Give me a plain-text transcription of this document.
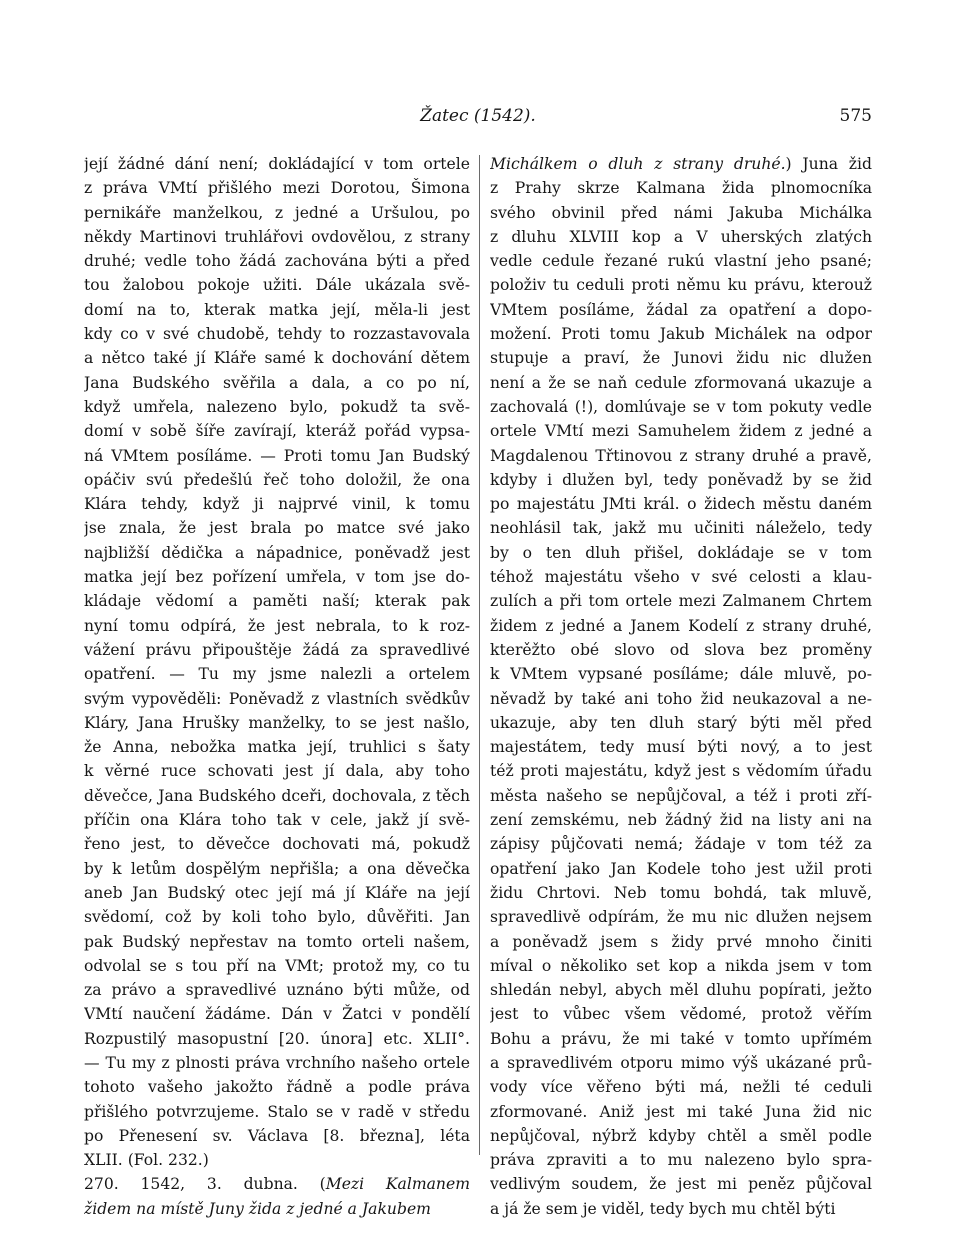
Žatec (1542).	575
její žádné dání není; dokládající v tom ortele
z práva VMtí přišlého mezi Dorotou, Šimona
pernikáře manželkou, z jedné a Uršulou, po
někdy Martinovi truhlářovi ovdovělou, z strany
druhé; vedle toho žádá zachována býti a před
tou žalobou pokoje užiti. Dále ukázala svě-
domí na to, kterak matka její, měla-li jest
kdy co v své chudobě, tehdy to rozzastavovala
a nětco také jí Kláře samé k dochování dětem
Jana Budského svěřila a dala, a co po ní,
když umřela, nalezeno bylo, pokudž ta svě-
domí v sobě šíře zavírají, kteráž pořád vypsa-
ná VMtem posíláme. — Proti tomu Jan Budský
opáčiv svú předešlú řeč toho doložil, že ona
Klára tehdy, když ji najprvé vinil, k tomu
jse znala, že jest brala po matce své jako
najbližší dědička a nápadnice, poněvadž jest
matka její bez pořízení umřela, v tom jse do-
kládaje vědomí a paměti naší; kterak pak
nyní tomu odpírá, že jest nebrala, to k roz-
vážení právu připouštěje žádá za spravedlivé
opatření. — Tu my jsme nalezli a ortelem
svým vypověděli: Poněvadž z vlastních svědkův
Kláry, Jana Hrušky manželky, to se jest našlo,
že Anna, nebožka matka její, truhlici s šaty
k věrné ruce schovati jest jí dala, aby toho
děvečce, Jana Budského dceři, dochovala, z těch
příčin ona Klára toho tak v cele, jakž jí svě-
řeno jest, to děvečce dochovati má, pokudž
by k letům dospělým nepřišla; a ona děvečka
aneb Jan Budský otec její má jí Kláře na její
svědomí, což by koli toho bylo, důvěřiti. Jan
pak Budský nepřestav na tomto orteli našem,
odvolal se s tou pří na VMt; protož my, co tu
za právo a spravedlivé uznáno býti může, od
VMtí naučení žádáme. Dán v Žatci v pondělí
Rozpustilý masopustní [20. února] etc. XLII°.
— Tu my z plnosti práva vrchního našeho ortele
tohoto vašeho jakožto řádně a podle práva
přišlého potvrzujeme. Stalo se v radě v středu
po Přenesení sv. Václava [8. března], léta
XLII. (Fol. 232.)
270. 1542, 3. dubna. (Mezi Kalmanem
židem na místě Juny žida z jedné a Jakubem
Michálkem o dluh z strany druhé.) Juna žid
z Prahy skrze Kalmana žida plnomocníka
svého obvinil před námi Jakuba Michálka
z dluhu XLVIII kop a V uherských zlatých
vedle cedule řezané rukú vlastní jeho psané;
položiv tu ceduli proti němu ku právu, kterouž
VMtem posíláme, žádal za opatření a dopo-
možení. Proti tomu Jakub Michálek na odpor
stupuje a praví, že Junovi židu nic dlužen
není a že se naň cedule zformovaná ukazuje a
zachovalá (!), domlúvaje se v tom pokuty vedle
ortele VMtí mezi Samuhelem židem z jedné a
Magdalenou Třtinovou z strany druhé a pravě,
kdyby i dlužen byl, tedy poněvadž by se žid
po majestátu JMti král. o židech městu daném
neohlásil tak, jakž mu učiniti náleželo, tedy
by o ten dluh přišel, dokládaje se v tom
téhož majestátu všeho v své celosti a klau-
zulích a při tom ortele mezi Zalmanem Chrtem
židem z jedné a Janem Kodelí z strany druhé,
kterěžto obé slovo od slova bez proměny
k VMtem vypsané posíláme; dále mluvě, po-
něvadž by také ani toho žid neukazoval a ne-
ukazuje, aby ten dluh starý býti měl před
majestátem, tedy musí býti nový, a to jest
též proti majestátu, když jest s vědomím úřadu
města našeho se nepůjčoval, a též i proti zří-
zení zemskému, neb žádný žid na listy ani na
zápisy půjčovati nemá; žádaje v tom též za
opatření jako Jan Kodele toho jest užil proti
židu Chrtovi. Neb tomu bohdá, tak mluvě,
spravedlivě odpírám, že mu nic dlužen nejsem
a poněvadž jsem s židy prvé mnoho činiti
míval o několiko set kop a nikda jsem v tom
shledán nebyl, abych měl dluhu popírati, ježto
jest to vůbec všem vědomé, protož věřím
Bohu a právu, že mi také v tomto upřímém
a spravedlivém otporu mimo výš ukázané prů-
vody více věřeno býti má, nežli té ceduli
zformované. Aniž jest mi také Juna žid nic
nepůjčoval, nýbrž kdyby chtěl a směl podle
práva zpraviti a to mu nalezeno bylo spra-
vedlivým soudem, že jest mi peněz půjčoval
a já že sem je viděl, tedy bych mu chtěl býti
